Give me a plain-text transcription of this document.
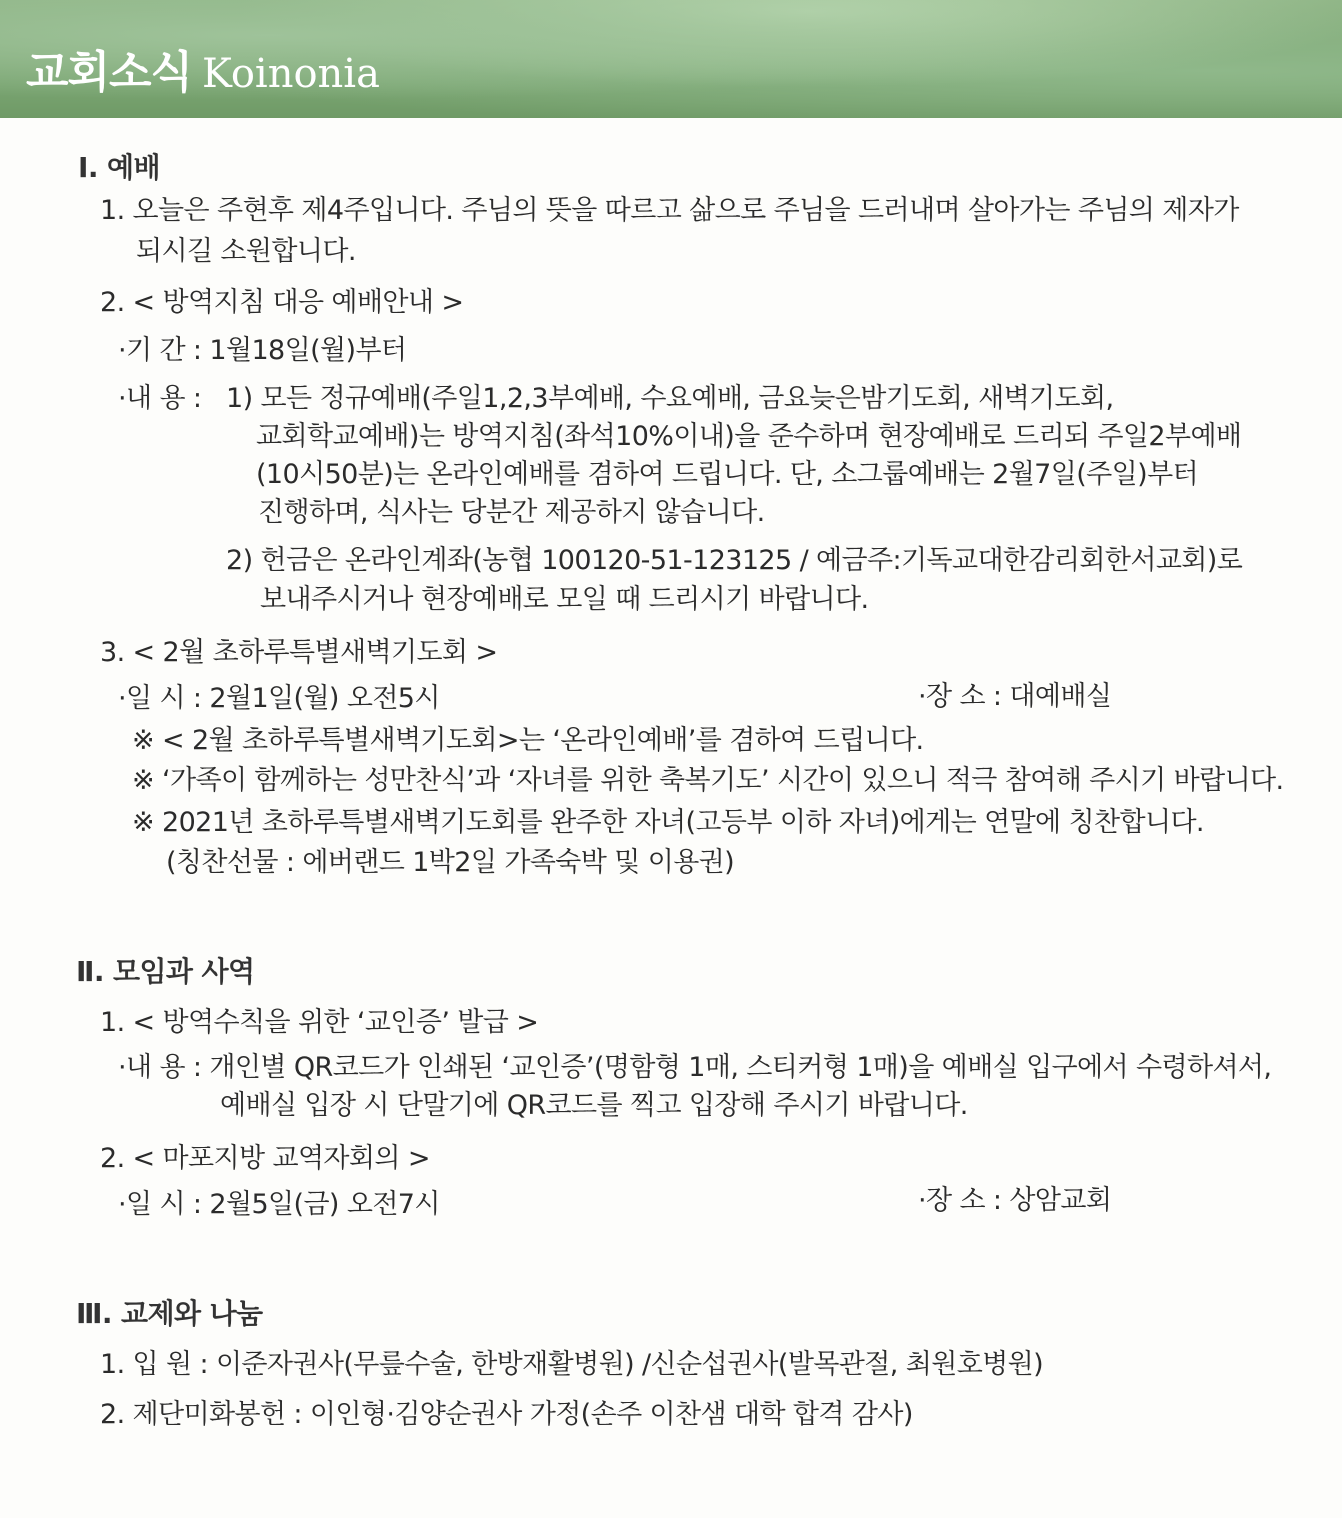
교회소식 Koinonia
Ⅰ. 예배
1. 오늘은 주현후 제4주입니다. 주님의 뜻을 따르고 삶으로 주님을 드러내며 살아가는 주님의 제자가
되시길 소원합니다.
2. < 방역지침 대응 예배안내 >
·기 간 : 1월18일(월)부터
·내 용 : 1) 모든 정규예배(주일1,2,3부예배, 수요예배, 금요늦은밤기도회, 새벽기도회,
교회학교예배)는 방역지침(좌석10%이내)을 준수하며 현장예배로 드리되 주일2부예배
(10시50분)는 온라인예배를 겸하여 드립니다. 단, 소그룹예배는 2월7일(주일)부터
진행하며, 식사는 당분간 제공하지 않습니다.
2) 헌금은 온라인계좌(농협 100120-51-123125 / 예금주:기독교대한감리회한서교회)로
보내주시거나 현장예배로 모일 때 드리시기 바랍니다.
3. < 2월 초하루특별새벽기도회 >
·일 시 : 2월1일(월) 오전5시	·장 소 : 대예배실
※ < 2월 초하루특별새벽기도회>는 ‘온라인예배’를 겸하여 드립니다.
※ ‘가족이 함께하는 성만찬식’과 ‘자녀를 위한 축복기도’ 시간이 있으니 적극 참여해 주시기 바랍니다.
※ 2021년 초하루특별새벽기도회를 완주한 자녀(고등부 이하 자녀)에게는 연말에 칭찬합니다.
(칭찬선물 : 에버랜드 1박2일 가족숙박 및 이용권)
Ⅱ. 모임과 사역
1. < 방역수칙을 위한 ‘교인증’ 발급 >
·내 용 : 개인별 QR코드가 인쇄된 ‘교인증’(명함형 1매, 스티커형 1매)을 예배실 입구에서 수령하셔서,
예배실 입장 시 단말기에 QR코드를 찍고 입장해 주시기 바랍니다.
2. < 마포지방 교역자회의 >
·일 시 : 2월5일(금) 오전7시	·장 소 : 상암교회
Ⅲ. 교제와 나눔
1. 입 원 : 이준자권사(무릎수술, 한방재활병원) /신순섭권사(발목관절, 최원호병원)
2. 제단미화봉헌 : 이인형·김양순권사 가정(손주 이찬샘 대학 합격 감사)
